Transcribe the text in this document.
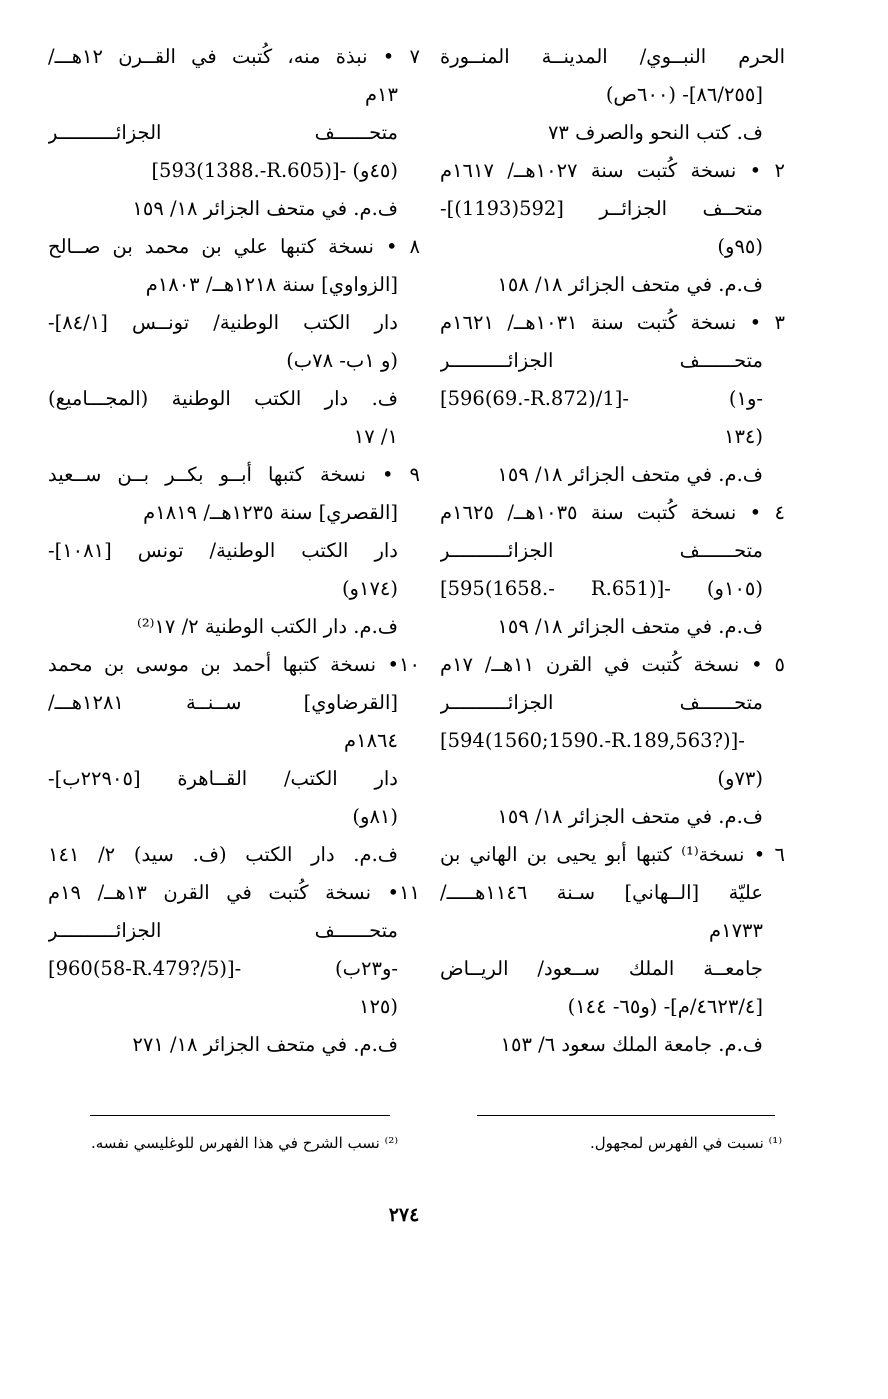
الحرم النبــوي/ المدينــة المنــورة
[٨٦/٢٥٥]- (٦٠٠ص)
ف. كتب النحو والصرف ٧٣
٢ • نسخة كُتبت سنة ١٠٢٧هــ/ ١٦١٧م
متحــف الجزائــر [592(1193)]-
(٩٥و)
ف.م. في متحف الجزائر ١٨/ ١٥٨
٣ • نسخة كُتبت سنة ١٠٣١هــ/ ١٦٢١م
متحــــــف الجزائــــــــــر
[596(69.-R.872)/1]- (و١-
١٣٤)
ف.م. في متحف الجزائر ١٨/ ١٥٩
٤ • نسخة كُتبت سنة ١٠٣٥هــ/ ١٦٢٥م
متحــــــف الجزائــــــــــر
[595(1658.- R.651)]- (١٠٥و)
ف.م. في متحف الجزائر ١٨/ ١٥٩
٥ • نسخة كُتبت في القرن ١١هــ/ ١٧م
متحــــــف الجزائــــــــــر
[594(1560;1590.-R.189,563?)]-
(٧٣و)
ف.م. في متحف الجزائر ١٨/ ١٥٩
٦ • نسخة⁽¹⁾ كتبها أبو يحيى بن الهاني بن
عليّة [الــهاني] سـنة ١١٤٦هـــــ/
١٧٣٣م
جامعــة الملك ســعود/ الريــاض
[٤٦٢٣/٤/م]- (و٦٥- ١٤٤)
ف.م. جامعة الملك سعود ٦/ ١٥٣
٧ • نبذة منه، كُتبت في القــرن ١٢هـــ/
١٣م
متحــــــف الجزائــــــــــر
[593(1388.-R.605)]- (٤٥و)
ف.م. في متحف الجزائر ١٨/ ١٥٩
٨ • نسخة كتبها علي بن محمد بن صــالح
[الزواوي] سنة ١٢١٨هــ/ ١٨٠٣م
دار الكتب الوطنية/ تونــس [٨٤/١]-
(و ١ب- ٧٨ب)
ف. دار الكتب الوطنية (المجـــاميع)
١/ ١٧
٩ • نسخة كتبها أبــو بكــر بــن ســعيد
[القصري] سنة ١٢٣٥هــ/ ١٨١٩م
دار الكتب الوطنية/ تونس [١٠٨١]-
(١٧٤و)
ف.م. دار الكتب الوطنية ٢/ ١٧⁽²⁾
١٠• نسخة كتبها أحمد بن موسى بن محمد
[القرضاوي] ســنــة ١٢٨١هـــ/
١٨٦٤م
دار الكتب/ القــاهرة [٢٢٩٠٥ب]-
(٨١و)
ف.م. دار الكتب (ف. سيد) ٢/ ١٤١
١١• نسخة كُتبت في القرن ١٣هــ/ ١٩م
متحــــــف الجزائــــــــــر
[960(58-R.479?/5)]- (و٢٣ب-
١٢٥)
ف.م. في متحف الجزائر ١٨/ ٢٧١
⁽¹⁾ نسبت في الفهرس لمجهول.
⁽²⁾ نسب الشرح في هذا الفهرس للوغليسي نفسه.
٢٧٤
